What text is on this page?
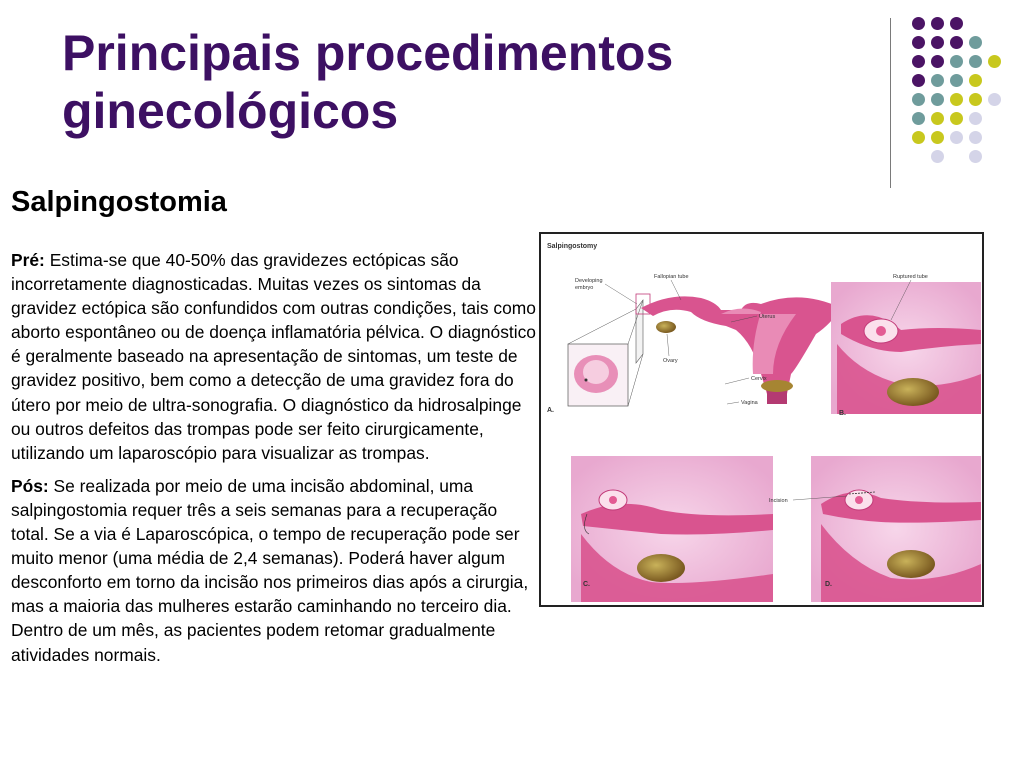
Principais procedimentos ginecológicos
Salpingostomia

Pré: Estima-se que 40-50% das gravidezes ectópicas são incorretamente diagnosticadas. Muitas vezes os sintomas da gravidez ectópica são confundidos com outras condições, tais como aborto espontâneo ou de doença inflamatória pélvica. O diagnóstico é geralmente baseado na apresentação de sintomas, um teste de gravidez positivo, bem como a detecção de uma gravidez fora do útero por meio de ultra-sonografia. O diagnóstico da hidrosalpinge ou outros defeitos das trompas pode ser feito cirurgicamente, utilizando um laparoscópio para visualizar as trompas.

Pós: Se realizada por meio de uma incisão abdominal, uma salpingostomia requer três a seis semanas para a recuperação total. Se a via é Laparoscópica, o tempo de recuperação pode ser muito menor (uma média de 2,4 semanas). Poderá haver algum desconforto em torno da incisão nos primeiros dias após a cirurgia, mas a maioria das mulheres estarão caminhando no terceiro dia. Dentro de um mês, as pacientes podem retomar gradualmente atividades normais.

Salpingostomy
Developing
embryo
Fallopian tube
Uterus
Ovary
Cervix
Vagina
A.
Ruptured tube
B.
C.
Incision
D.
